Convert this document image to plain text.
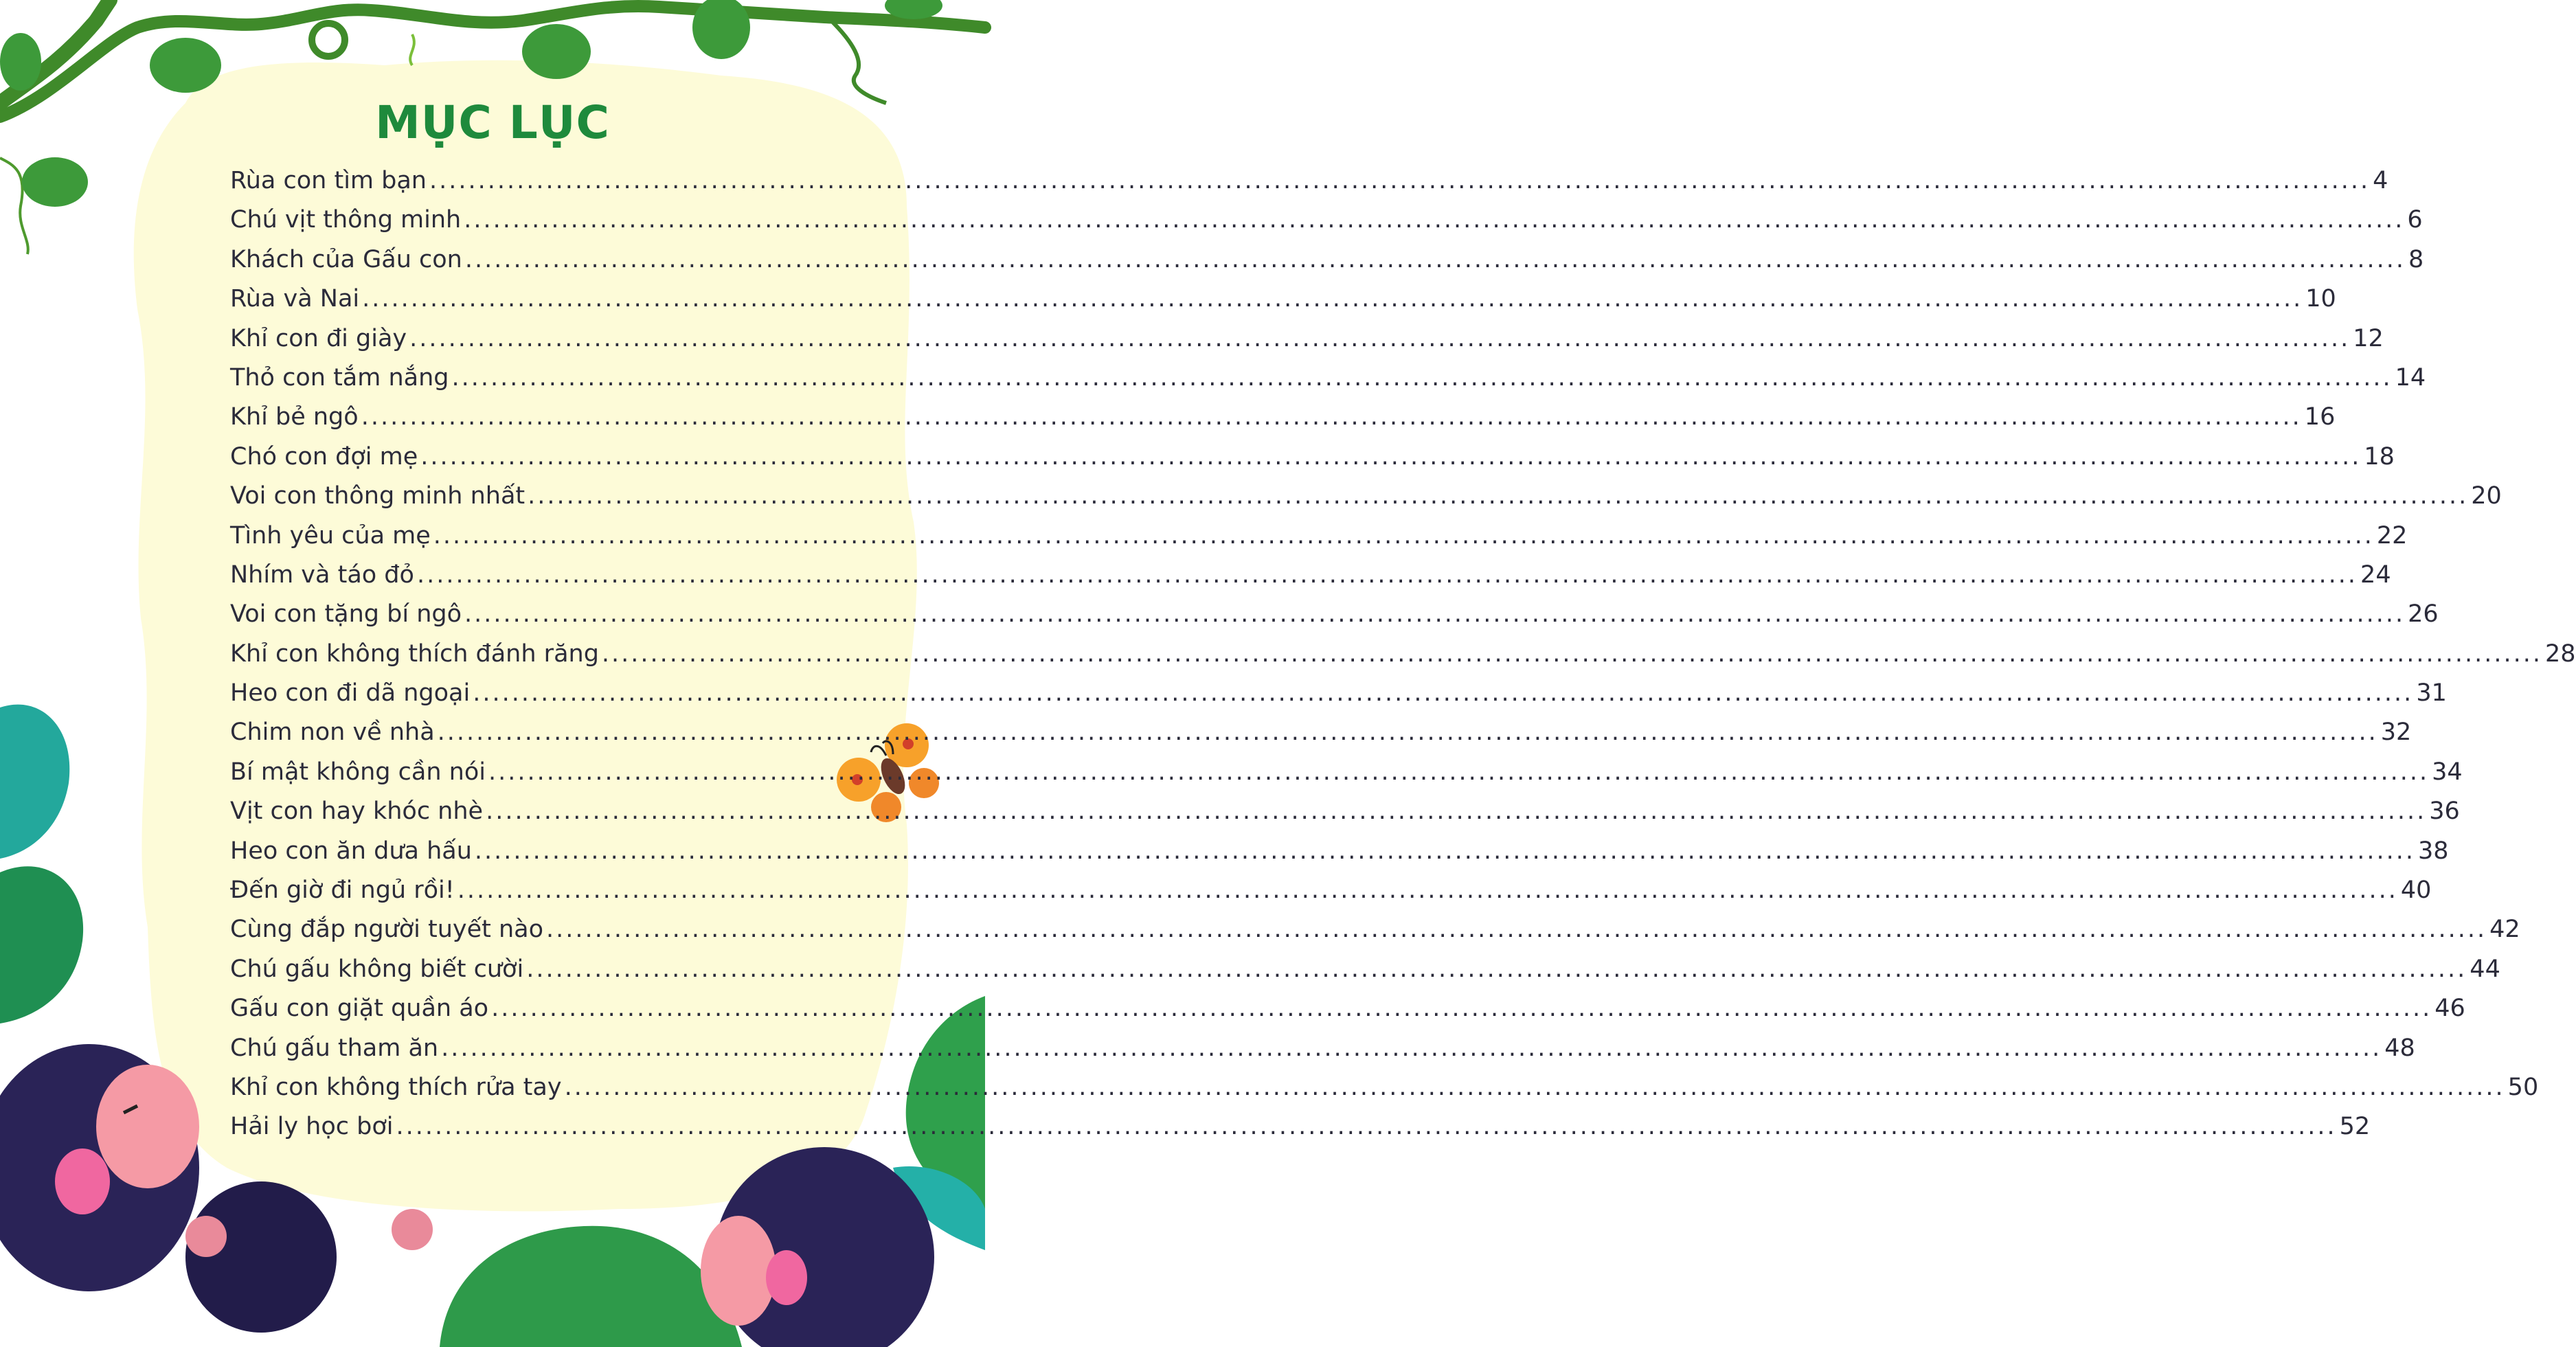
MỤC LỤC
Rùa con tìm bạn ........................................................................................................................................................................................................ 4
Chú vịt thông minh ........................................................................................................................................................................................................ 6
Khách của Gấu con ........................................................................................................................................................................................................ 8
Rùa và Nai ........................................................................................................................................................................................................ 10
Khỉ con đi giày ........................................................................................................................................................................................................ 12
Thỏ con tắm nắng ........................................................................................................................................................................................................ 14
Khỉ bẻ ngô ........................................................................................................................................................................................................ 16
Chó con đợi mẹ ........................................................................................................................................................................................................ 18
Voi con thông minh nhất ........................................................................................................................................................................................................ 20
Tình yêu của mẹ ........................................................................................................................................................................................................ 22
Nhím và táo đỏ ........................................................................................................................................................................................................ 24
Voi con tặng bí ngô ........................................................................................................................................................................................................ 26
Khỉ con không thích đánh răng ........................................................................................................................................................................................................ 28
Heo con đi dã ngoại ........................................................................................................................................................................................................ 31
Chim non về nhà ........................................................................................................................................................................................................ 32
Bí mật không cần nói ........................................................................................................................................................................................................ 34
Vịt con hay khóc nhè ........................................................................................................................................................................................................ 36
Heo con ăn dưa hấu ........................................................................................................................................................................................................ 38
Đến giờ đi ngủ rồi! ........................................................................................................................................................................................................ 40
Cùng đắp người tuyết nào ........................................................................................................................................................................................................ 42
Chú gấu không biết cười ........................................................................................................................................................................................................ 44
Gấu con giặt quần áo ........................................................................................................................................................................................................ 46
Chú gấu tham ăn ........................................................................................................................................................................................................ 48
Khỉ con không thích rửa tay ........................................................................................................................................................................................................ 50
Hải ly học bơi ........................................................................................................................................................................................................ 52
